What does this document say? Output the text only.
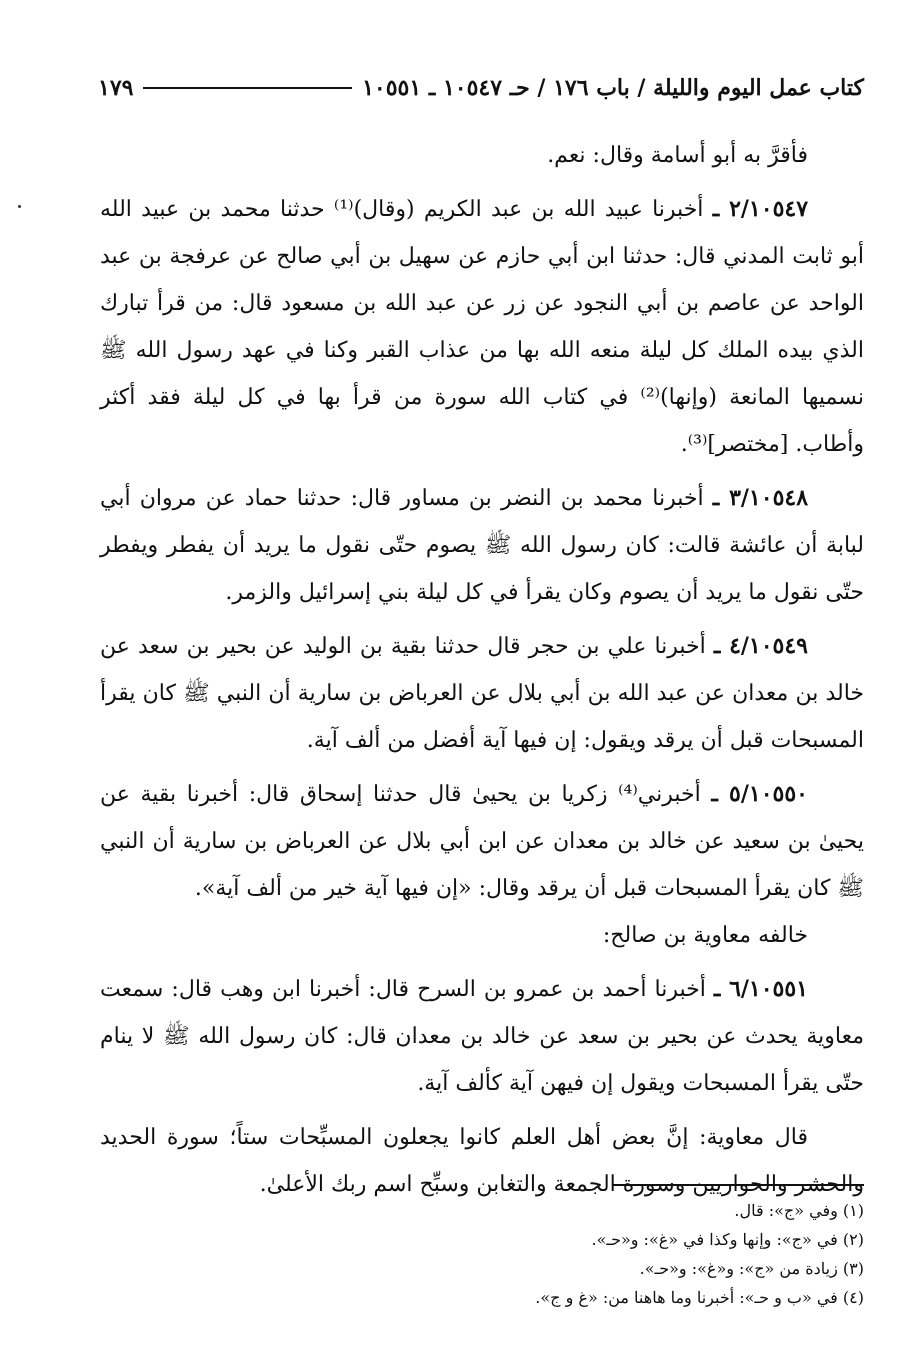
كتاب عمل اليوم والليلة / باب ١٧٦ / حـ ١٠٥٤٧ ـ ١٠٥٥١
١٧٩

فأقرَّ به أبو أسامة وقال: نعم.

٢/١٠٥٤٧ ـ أخبرنا عبيد الله بن عبد الكريم (وقال)⁽¹⁾ حدثنا محمد بن عبيد الله أبو ثابت المدني قال: حدثنا ابن أبي حازم عن سهيل بن أبي صالح عن عرفجة بن عبد الواحد عن عاصم بن أبي النجود عن زر عن عبد الله بن مسعود قال: من قرأ تبارك الذي بيده الملك كل ليلة منعه الله بها من عذاب القبر وكنا في عهد رسول الله ﷺ نسميها المانعة (وإنها)⁽²⁾ في كتاب الله سورة من قرأ بها في كل ليلة فقد أكثر وأطاب. [مختصر]⁽³⁾.

٣/١٠٥٤٨ ـ أخبرنا محمد بن النضر بن مساور قال: حدثنا حماد عن مروان أبي لبابة أن عائشة قالت: كان رسول الله ﷺ يصوم حتّى نقول ما يريد أن يفطر ويفطر حتّى نقول ما يريد أن يصوم وكان يقرأ في كل ليلة بني إسرائيل والزمر.

٤/١٠٥٤٩ ـ أخبرنا علي بن حجر قال حدثنا بقية بن الوليد عن بحير بن سعد عن خالد بن معدان عن عبد الله بن أبي بلال عن العرباض بن سارية أن النبي ﷺ كان يقرأ المسبحات قبل أن يرقد ويقول: إن فيها آية أفضل من ألف آية.

٥/١٠٥٥٠ ـ أخبرني⁽⁴⁾ زكريا بن يحيىٰ قال حدثنا إسحاق قال: أخبرنا بقية عن يحيىٰ بن سعيد عن خالد بن معدان عن ابن أبي بلال عن العرباض بن سارية أن النبي ﷺ كان يقرأ المسبحات قبل أن يرقد وقال: «إن فيها آية خير من ألف آية».

خالفه معاوية بن صالح:

٦/١٠٥٥١ ـ أخبرنا أحمد بن عمرو بن السرح قال: أخبرنا ابن وهب قال: سمعت معاوية يحدث عن بحير بن سعد عن خالد بن معدان قال: كان رسول الله ﷺ لا ينام حتّى يقرأ المسبحات ويقول إن فيهن آية كألف آية.

قال معاوية: إنَّ بعض أهل العلم كانوا يجعلون المسبِّحات ستاً؛ سورة الحديد والحشر والحواريين وسورة الجمعة والتغابن وسبِّح اسم ربك الأعلىٰ.

(١) وفي «ج»: قال.
(٢) في «ج»: وإنها وكذا في «غ»: و«حـ».
(٣) زيادة من «ج»: و«غ»: و«حـ».
(٤) في «ب و حـ»: أخبرنا وما هاهنا من: «غ و ج».
